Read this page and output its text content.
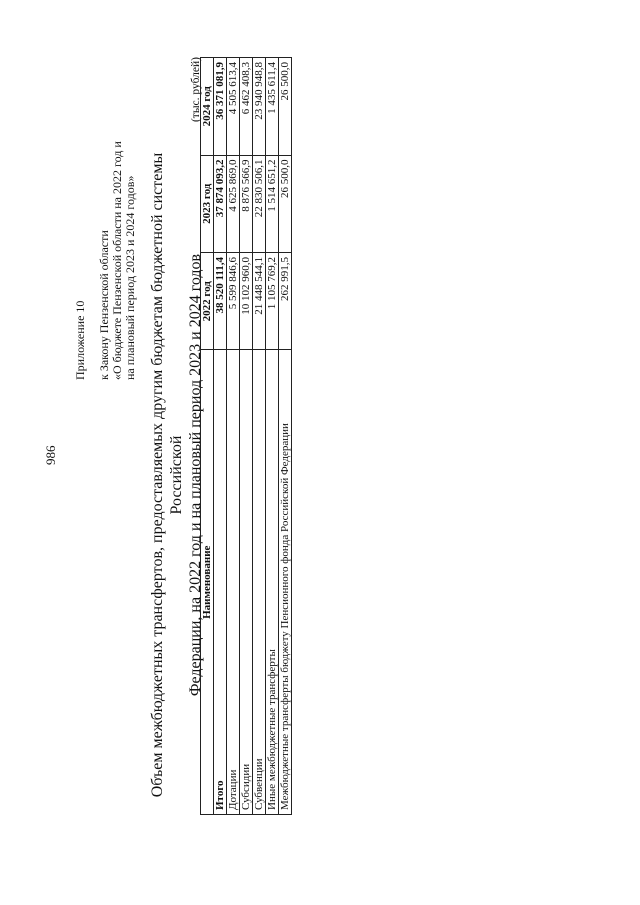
986
Приложение 10 к Закону Пензенской области «О бюджете Пензенской области на 2022 год и на плановый период 2023 и 2024 годов» Объем межбюджетных трансфертов, предоставляемых другим бюджетам бюджетной системы Российской Федерации, на 2022 год и на плановый период 2023 и 2024 годов
(тыс. рублей)
Наименование	2022 год	2023 год	2024 год
Итого	38 520 111,4	37 874 093,2	36 371 081,9
Дотации	5 599 846,6	4 625 869,0	4 505 613,4
Субсидии	10 102 960,0	8 876 566,9	6 462 408,3
Субвенции	21 448 544,1	22 830 506,1	23 940 948,8
Иные межбюджетные трансферты	1 105 769,2	1 514 651,2	1 435 611,4
Межбюджетные трансферты бюджету Пенсионного фонда Российской Федерации	262 991,5	26 500,0	26 500,0
